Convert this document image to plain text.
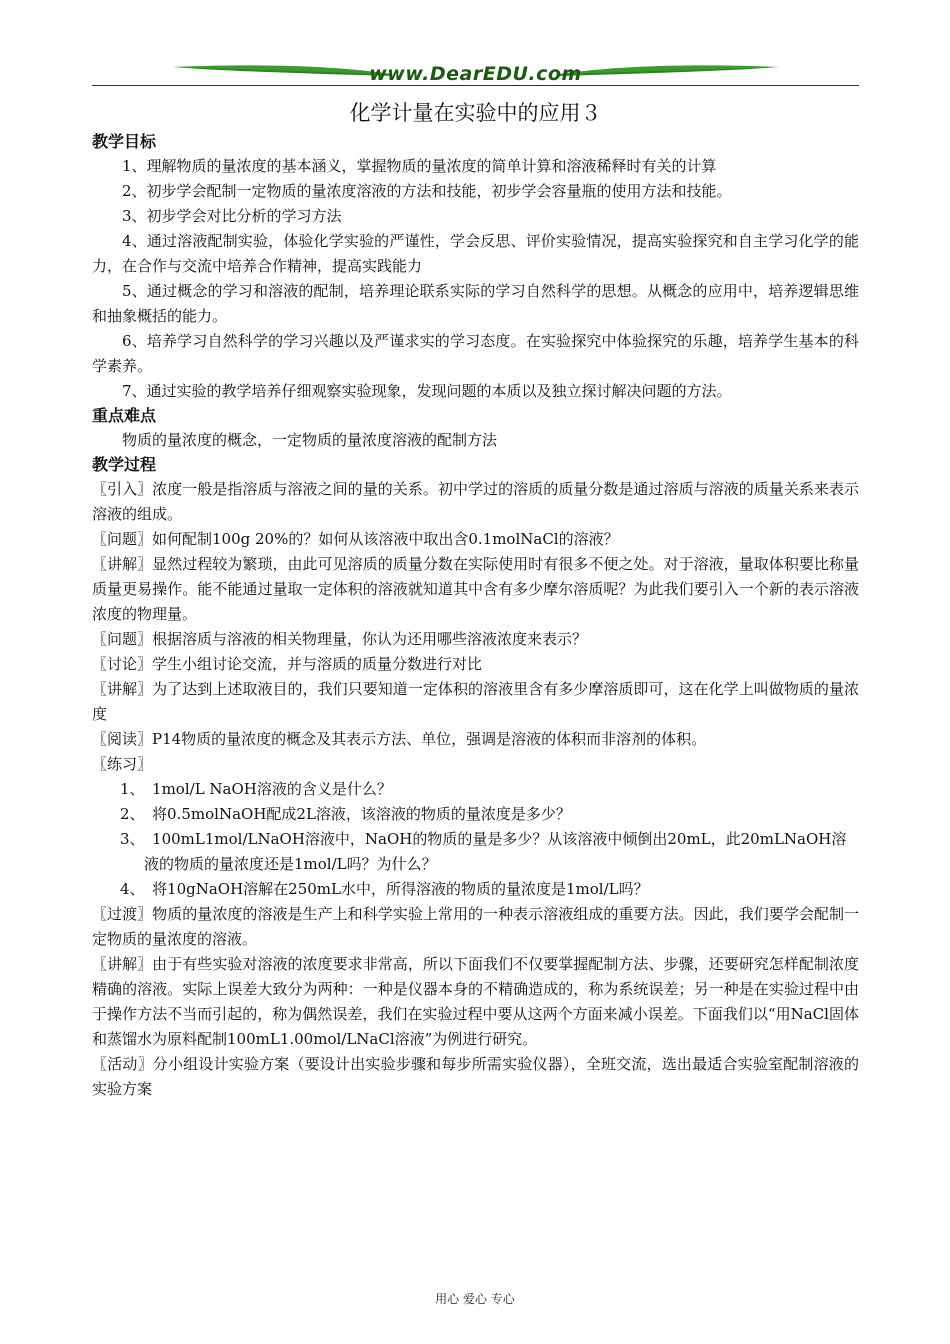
www.DearEDU.com
化学计量在实验中的应用３
教学目标

1、理解物质的量浓度的基本涵义，掌握物质的量浓度的简单计算和溶液稀释时有关的计算

2、初步学会配制一定物质的量浓度溶液的方法和技能，初步学会容量瓶的使用方法和技能。

3、初步学会对比分析的学习方法

4、通过溶液配制实验，体验化学实验的严谨性，学会反思、评价实验情况，提高实验探究和自主学习化学的能力，在合作与交流中培养合作精神，提高实践能力

5、通过概念的学习和溶液的配制，培养理论联系实际的学习自然科学的思想。从概念的应用中，培养逻辑思维和抽象概括的能力。

6、培养学习自然科学的学习兴趣以及严谨求实的学习态度。在实验探究中体验探究的乐趣，培养学生基本的科学素养。

7、通过实验的教学培养仔细观察实验现象，发现问题的本质以及独立探讨解决问题的方法。

重点难点

物质的量浓度的概念，一定物质的量浓度溶液的配制方法

教学过程

〖引入〗浓度一般是指溶质与溶液之间的量的关系。初中学过的溶质的质量分数是通过溶质与溶液的质量关系来表示溶液的组成。

〖问题〗如何配制100g 20%的？如何从该溶液中取出含0.1molNaCl的溶液？

〖讲解〗显然过程较为繁琐，由此可见溶质的质量分数在实际使用时有很多不便之处。对于溶液，量取体积要比称量质量更易操作。能不能通过量取一定体积的溶液就知道其中含有多少摩尔溶质呢？为此我们要引入一个新的表示溶液浓度的物理量。

〖问题〗根据溶质与溶液的相关物理量，你认为还用哪些溶液浓度来表示？

〖讨论〗学生小组讨论交流，并与溶质的质量分数进行对比

〖讲解〗为了达到上述取液目的，我们只要知道一定体积的溶液里含有多少摩溶质即可，这在化学上叫做物质的量浓度

〖阅读〗P14物质的量浓度的概念及其表示方法、单位，强调是溶液的体积而非溶剂的体积。

〖练习〗

1、　1mol/L NaOH溶液的含义是什么？

2、　将0.5molNaOH配成2L溶液，该溶液的物质的量浓度是多少？

3、　100mL1mol/LNaOH溶液中，NaOH的物质的量是多少？从该溶液中倾倒出20mL，此20mLNaOH溶液的物质的量浓度还是1mol/L吗？为什么？

4、　将10gNaOH溶解在250mL水中，所得溶液的物质的量浓度是1mol/L吗？

〖过渡〗物质的量浓度的溶液是生产上和科学实验上常用的一种表示溶液组成的重要方法。因此，我们要学会配制一定物质的量浓度的溶液。

〖讲解〗由于有些实验对溶液的浓度要求非常高，所以下面我们不仅要掌握配制方法、步骤，还要研究怎样配制浓度精确的溶液。实际上误差大致分为两种：一种是仪器本身的不精确造成的，称为系统误差；另一种是在实验过程中由于操作方法不当而引起的，称为偶然误差，我们在实验过程中要从这两个方面来减小误差。下面我们以“用NaCl固体和蒸馏水为原料配制100mL1.00mol/LNaCl溶液”为例进行研究。

〖活动〗分小组设计实验方案（要设计出实验步骤和每步所需实验仪器），全班交流，选出最适合实验室配制溶液的实验方案

用心 爱心 专心
